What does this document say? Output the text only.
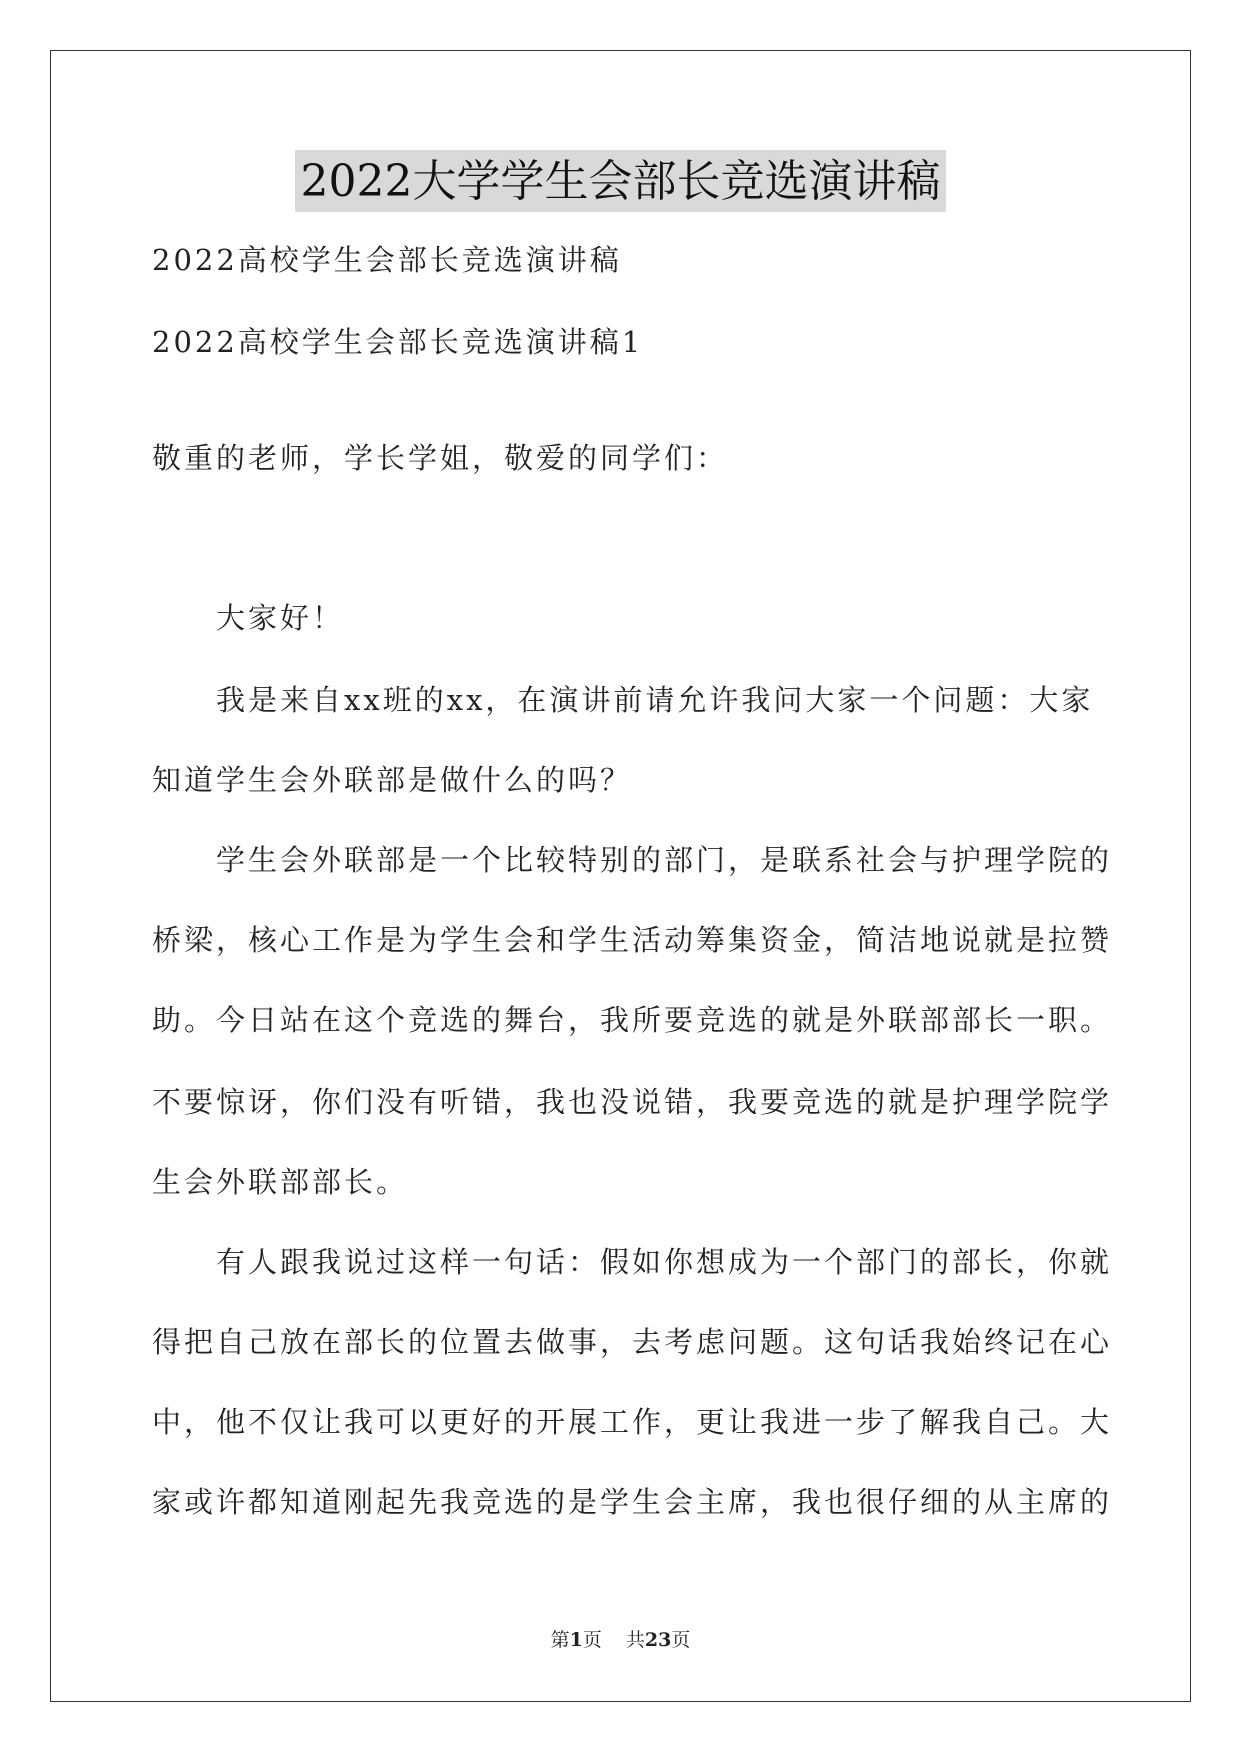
2022大学学生会部长竞选演讲稿
2022高校学生会部长竞选演讲稿
2022高校学生会部长竞选演讲稿1
敬重的老师，学长学姐，敬爱的同学们：
大家好！
我是来自xx班的xx，在演讲前请允许我问大家一个问题：大家
知道学生会外联部是做什么的吗？
学生会外联部是一个比较特别的部门，是联系社会与护理学院的
桥梁，核心工作是为学生会和学生活动筹集资金，简洁地说就是拉赞
助。今日站在这个竞选的舞台，我所要竞选的就是外联部部长一职。
不要惊讶，你们没有听错，我也没说错，我要竞选的就是护理学院学
生会外联部部长。
有人跟我说过这样一句话：假如你想成为一个部门的部长，你就
得把自己放在部长的位置去做事，去考虑问题。这句话我始终记在心
中，他不仅让我可以更好的开展工作，更让我进一步了解我自己。大
家或许都知道刚起先我竞选的是学生会主席，我也很仔细的从主席的
第1页 共23页
